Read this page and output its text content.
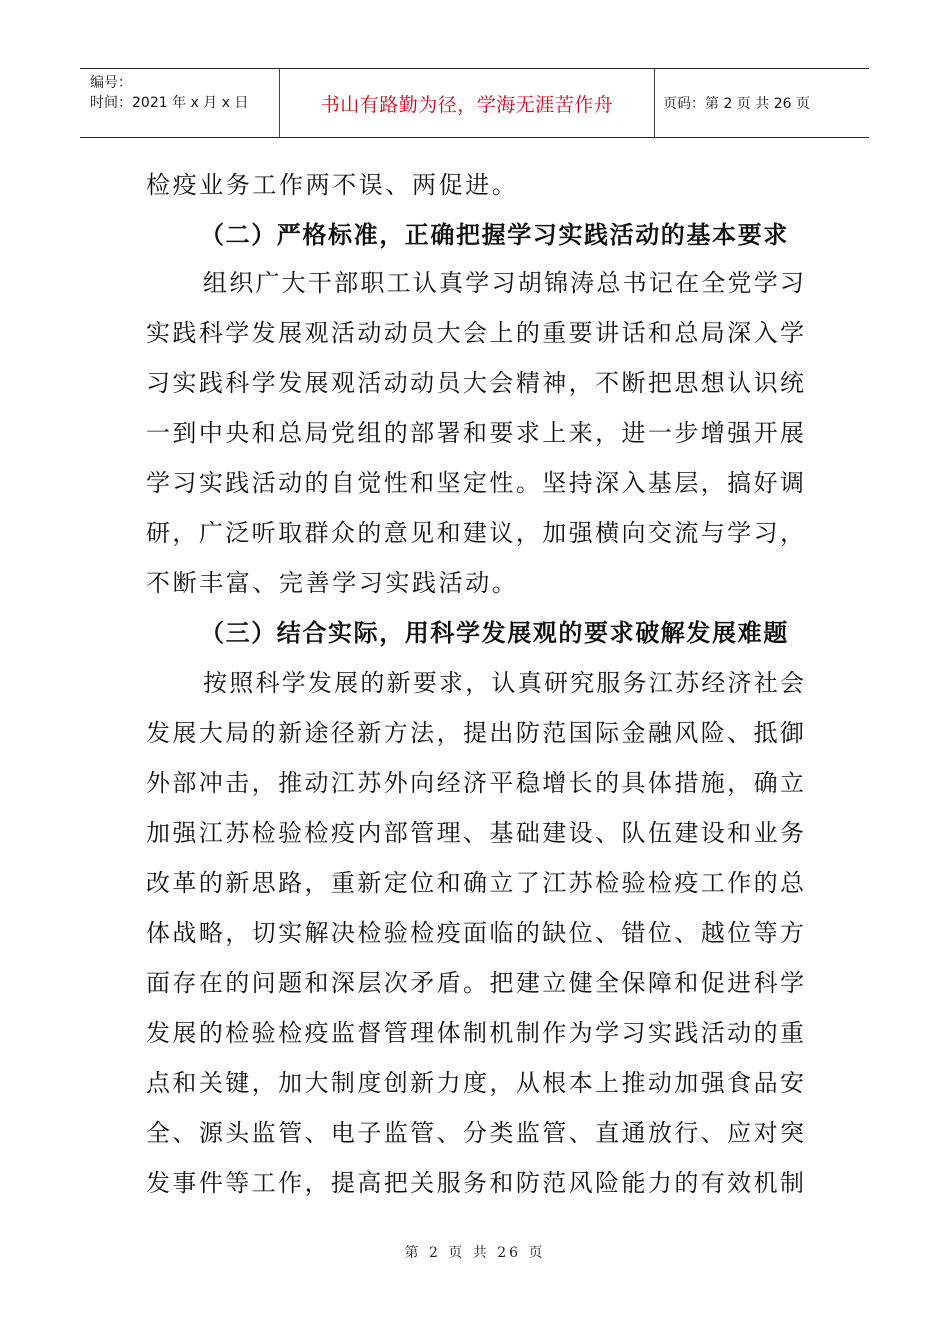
编号：
时间：2021 年 x 月 x 日	书山有路勤为径，学海无涯苦作舟	页码：第 2 页 共 26 页
检疫业务工作两不误、两促进。
（二）严格标准，正确把握学习实践活动的基本要求
组织广大干部职工认真学习胡锦涛总书记在全党学习
实践科学发展观活动动员大会上的重要讲话和总局深入学
习实践科学发展观活动动员大会精神，不断把思想认识统
一到中央和总局党组的部署和要求上来，进一步增强开展
学习实践活动的自觉性和坚定性。坚持深入基层，搞好调
研，广泛听取群众的意见和建议，加强横向交流与学习，
不断丰富、完善学习实践活动。
（三）结合实际，用科学发展观的要求破解发展难题
按照科学发展的新要求，认真研究服务江苏经济社会
发展大局的新途径新方法，提出防范国际金融风险、抵御
外部冲击，推动江苏外向经济平稳增长的具体措施，确立
加强江苏检验检疫内部管理、基础建设、队伍建设和业务
改革的新思路，重新定位和确立了江苏检验检疫工作的总
体战略，切实解决检验检疫面临的缺位、错位、越位等方
面存在的问题和深层次矛盾。把建立健全保障和促进科学
发展的检验检疫监督管理体制机制作为学习实践活动的重
点和关键，加大制度创新力度，从根本上推动加强食品安
全、源头监管、电子监管、分类监管、直通放行、应对突
发事件等工作，提高把关服务和防范风险能力的有效机制
第 2 页 共 26 页
